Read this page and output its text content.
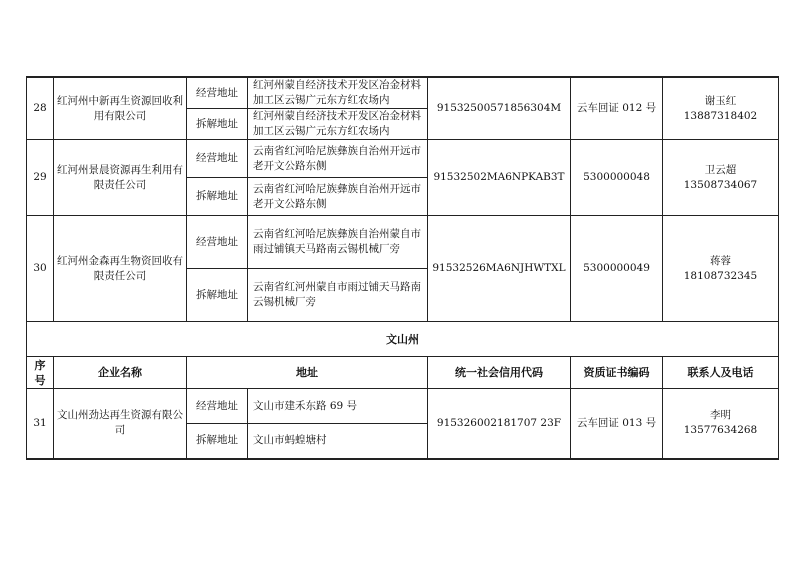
28	红河州中新再生资源回收利用有限公司	经营地址	红河州蒙自经济技术开发区冶金材料加工区云锡广元东方红农场内	91532500571856304M	云车回证 012 号	谢玉红
13887318402

		拆解地址	红河州蒙自经济技术开发区冶金材料加工区云锡广元东方红农场内			
29	红河州景晨资源再生利用有限责任公司	经营地址	云南省红河哈尼族彝族自治州开远市老开文公路东侧	91532502MA6NPKAB3T	5300000048	卫云超
13508734067

		拆解地址	云南省红河哈尼族彝族自治州开远市老开文公路东侧			
30	红河州金森再生物资回收有限责任公司	经营地址	云南省红河哈尼族彝族自治州蒙自市雨过铺镇天马路南云锡机械厂旁	91532526MA6NJHWTXL	5300000049	蒋蓉
18108732345

		拆解地址	云南省红河州蒙自市雨过铺天马路南云锡机械厂旁			
文山州						
序号	企业名称	地址		统一社会信用代码	资质证书编码	联系人及电话
31	文山州劲达再生资源有限公司	经营地址	文山市建禾东路 69 号	915326002181707 23F	云车回证 013 号	李明
13577634268

		拆解地址	文山市蚂蝗塘村			
